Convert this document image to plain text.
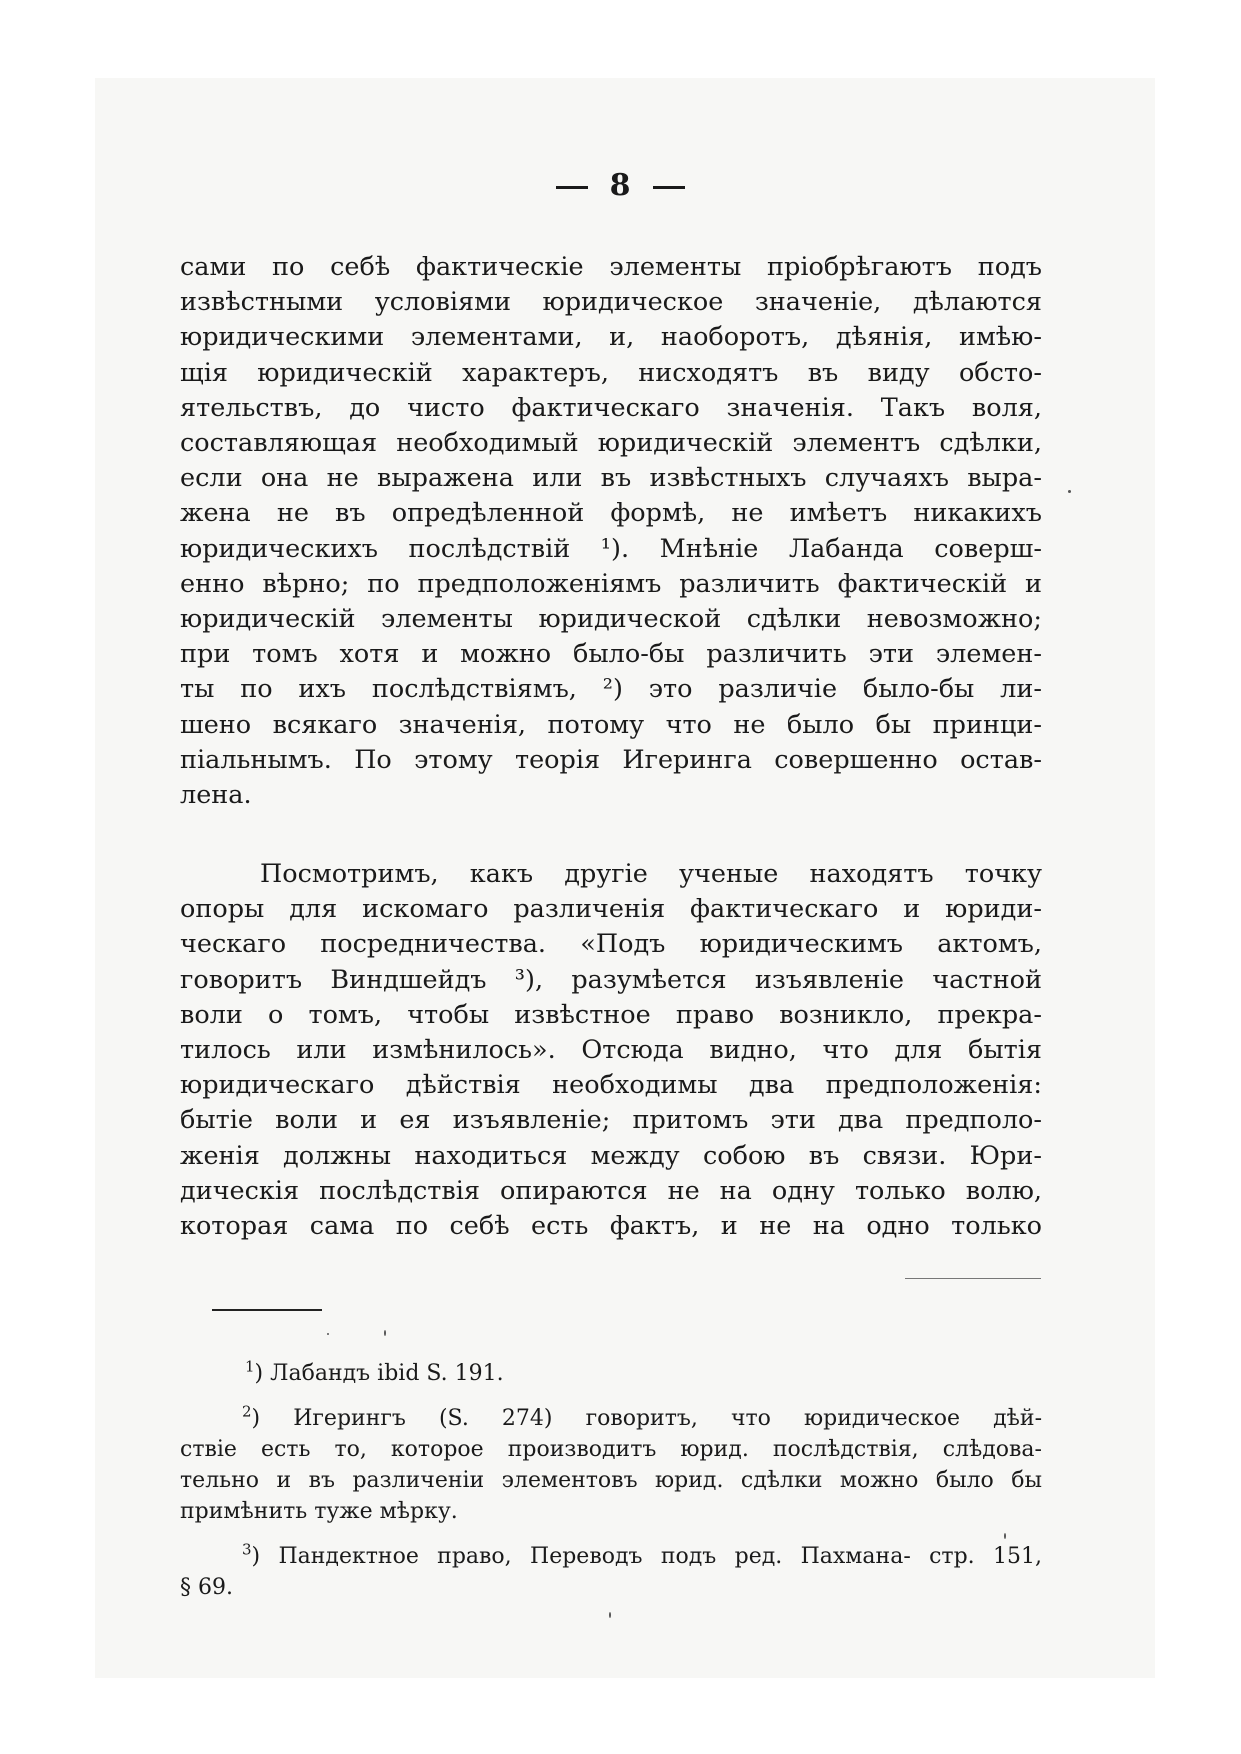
8
сами по себѣ фактическіе элементы пріобрѣгаютъ подъ
извѣстными условіями юридическое значеніе, дѣлаются
юридическими элементами, и, наоборотъ, дѣянія, имѣю-
щія юридическій характеръ, нисходятъ въ виду обсто-
ятельствъ, до чисто фактическаго значенія. Такъ воля,
составляющая необходимый юридическій элементъ сдѣлки,
если она не выражена или въ извѣстныхъ случаяхъ выра-
жена не въ опредѣленной формѣ, не имѣетъ никакихъ
юридическихъ послѣдствій ¹). Мнѣніе Лабанда соверш-
енно вѣрно; по предположеніямъ различить фактическій и
юридическій элементы юридической сдѣлки невозможно;
при томъ хотя и можно было-бы различить эти элемен-
ты по ихъ послѣдствіямъ, ²) это различіе было-бы ли-
шено всякаго значенія, потому что не было бы принци-
піальнымъ. По этому теорія Игеринга совершенно остав-
лена.
Посмотримъ, какъ другіе ученые находятъ точку
опоры для искомаго различенія фактическаго и юриди-
ческаго посредничества. «Подъ юридическимъ актомъ,
говоритъ Виндшейдъ ³), разумѣется изъявленіе частной
воли о томъ, чтобы извѣстное право возникло, прекра-
тилось или измѣнилось». Отсюда видно, что для бытія
юридическаго дѣйствія необходимы два предположенія:
бытіе воли и ея изъявленіе; притомъ эти два предполо-
женія должны находиться между собою въ связи. Юри-
дическія послѣдствія опираются не на одну только волю,
которая сама по себѣ есть фактъ, и не на одно только
$^1$) Лабандъ ibid S. 191.
$^2$) Игерингъ (S. 274) говоритъ, что юридическое дѣй-
ствіе есть то, которое производитъ юрид. послѣдствія, слѣдова-
тельно и въ различеніи элементовъ юрид. сдѣлки можно было бы
примѣнить туже мѣрку.
$^3$) Пандектное право, Переводъ подъ ред. Пахмана- стр. 151,
§ 69.
